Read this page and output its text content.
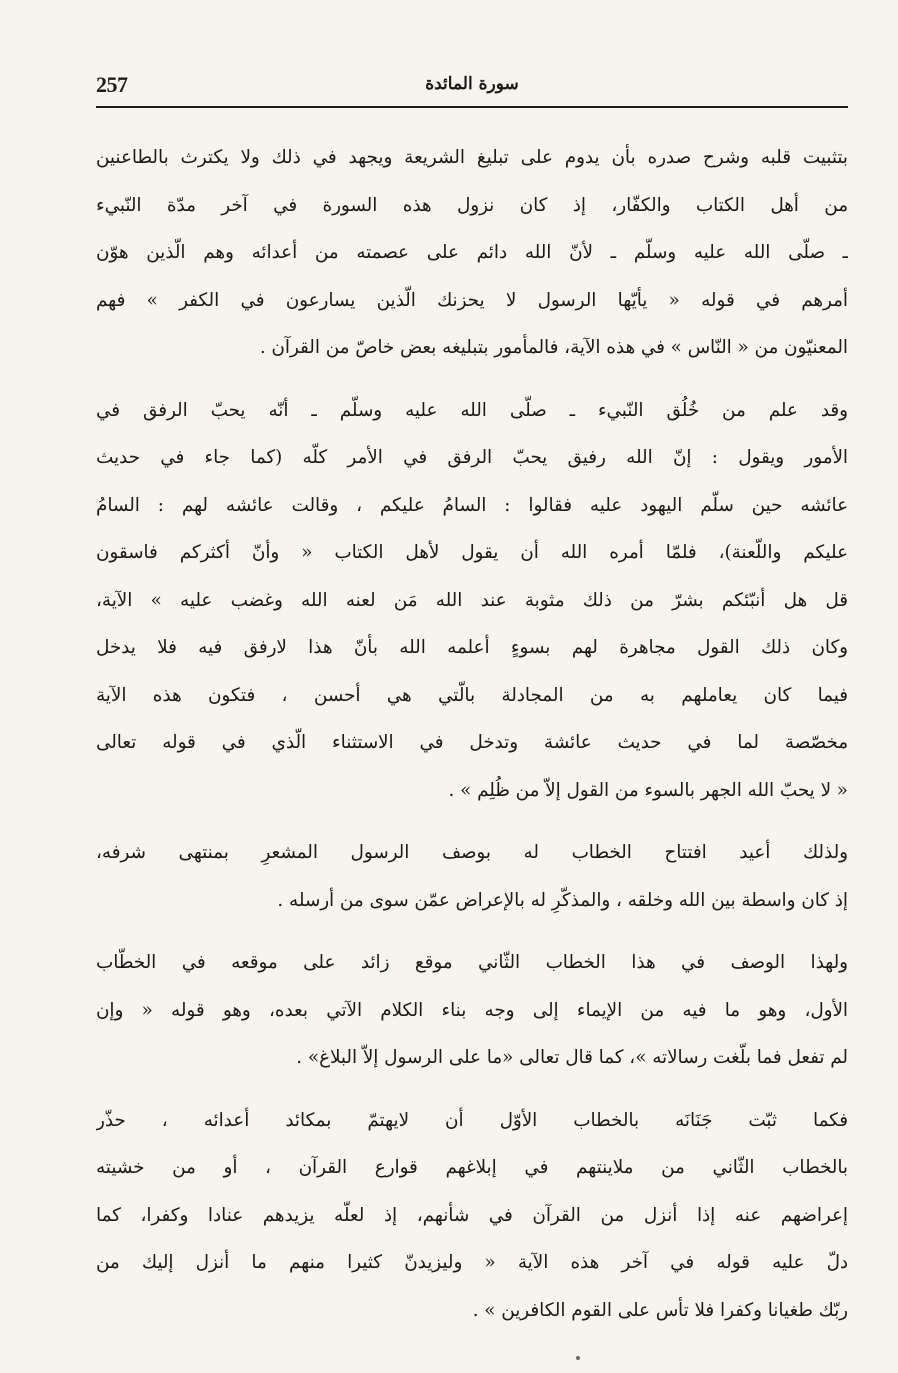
257	سورة المائدة

بتثبيت قلبه وشرح صدره بأن يدوم على تبليغ الشريعة ويجهد في ذلك ولا يكترث بالطاعنين
من أهل الكتاب والكفّار، إذ كان نزول هذه السورة في آخر مدّة النّبيء
ـ صلّى الله عليه وسلّم ـ لأنّ الله دائم على عصمته من أعدائه وهم الّذين هوّن
أمرهم في قوله « يأيّها الرسول لا يحزنك الّذين يسارعون في الكفر » فهم
المعنيّون من « النّاس » في هذه الآية، فالمأمور بتبليغه بعض خاصّ من القرآن .

وقد علم من خُلُق النّبيء ـ صلّى الله عليه وسلّم ـ أنّه يحبّ الرفق في
الأمور ويقول : إنّ الله رفيق يحبّ الرفق في الأمر كلّه (كما جاء في حديث
عائشه حين سلّم اليهود عليه فقالوا : السامُ عليكم ، وقالت عائشه لهم : السامُ
عليكم واللّعنة)، فلمّا أمره الله أن يقول لأهل الكتاب « وأنّ أكثركم فاسقون
قل هل أنبّئكم بشرّ من ذلك مثوبة عند الله مَن لعنه الله وغضب عليه » الآية،
وكان ذلك القول مجاهرة لهم بسوءٍ أعلمه الله بأنّ هذا لارفق فيه فلا يدخل
فيما كان يعاملهم به من المجادلة بالّتي هي أحسن ، فتكون هذه الآية
مخصّصة لما في حديث عائشة وتدخل في الاستثناء الّذي في قوله تعالى
« لا يحبّ الله الجهر بالسوء من القول إلاّ من ظُلِم » .

ولذلك أعيد افتتاح الخطاب له بوصف الرسول المشعرِ بمنتهى شرفه،
إذ كان واسطة بين الله وخلقه ، والمذكّرِ له بالإعراض عمّن سوى من أرسله .

ولهذا الوصف في هذا الخطاب الثّاني موقع زائد على موقعه في الخطّاب
الأول، وهو ما فيه من الإيماء إلى وجه بناء الكلام الآتي بعده، وهو قوله « وإن
لم تفعل فما بلّغت رسالاته »، كما قال تعالى «ما على الرسول إلاّ البلاغ» .

فكما ثبّت جَنَانَه بالخطاب الأوّل أن لايهتمّ بمكائد أعدائه ، حذّر
بالخطاب الثّاني من ملاينتهم في إبلاغهم قوارع القرآن ، أو من خشيته
إعراضهم عنه إذا أنزل من القرآن في شأنهم، إذ لعلّه يزيدهم عنادا وكفرا، كما
دلّ عليه قوله في آخر هذه الآية « وليزيدنّ كثيرا منهم ما أنزل إليك من
ربّك طغيانا وكفرا فلا تأس على القوم الكافرين » .
